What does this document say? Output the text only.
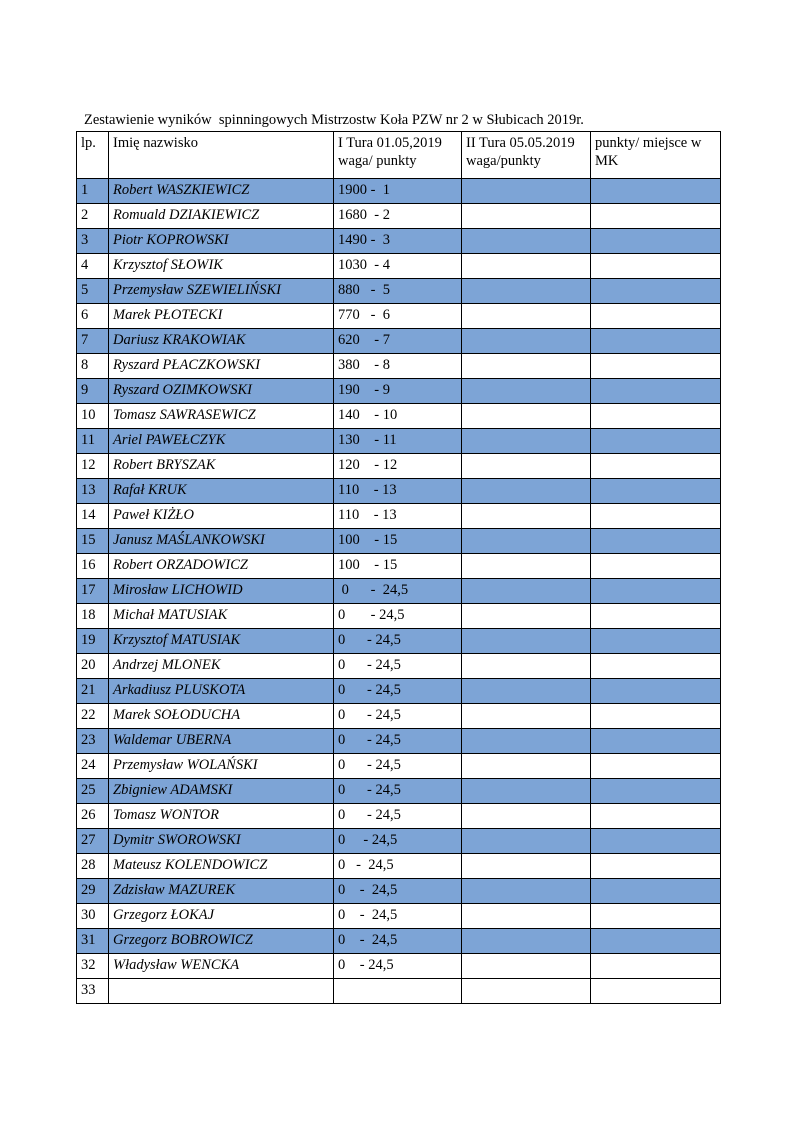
Zestawienie wyników  spinningowych Mistrzostw Koła PZW nr 2 w Słubicach 2019r.
lp.	Imię nazwisko	I Tura 01.05,2019 waga/ punkty	II Tura 05.05.2019 waga/punkty	punkty/ miejsce w MK
1	Robert WASZKIEWICZ	1900 -  1		
2	Romuald DZIAKIEWICZ	1680  - 2		
3	Piotr KOPROWSKI	1490 -  3		
4	Krzysztof SŁOWIK	1030  - 4		
5	Przemysław SZEWIELIŃSKI	880   -  5		
6	Marek PŁOTECKI	770   -  6		
7	Dariusz KRAKOWIAK	620    - 7		
8	Ryszard PŁACZKOWSKI	380    - 8		
9	Ryszard OZIMKOWSKI	190    - 9		
10	Tomasz SAWRASEWICZ	140    - 10		
11	Ariel PAWEŁCZYK	130    - 11		
12	Robert BRYSZAK	120    - 12		
13	Rafał KRUK	110    - 13		
14	Paweł KIŻŁO	110    - 13		
15	Janusz MAŚLANKOWSKI	100    - 15		
16	Robert ORZADOWICZ	100    - 15		
17	Mirosław LICHOWID	0      -  24,5		
18	Michał MATUSIAK	0       - 24,5		
19	Krzysztof MATUSIAK	0      - 24,5		
20	Andrzej MLONEK	0      - 24,5		
21	Arkadiusz PLUSKOTA	0      - 24,5		
22	Marek SOŁODUCHA	0      - 24,5		
23	Waldemar UBERNA	0      - 24,5		
24	Przemysław WOLAŃSKI	0      - 24,5		
25	Zbigniew ADAMSKI	0      - 24,5		
26	Tomasz WONTOR	0      - 24,5		
27	Dymitr SWOROWSKI	0     - 24,5		
28	Mateusz KOLENDOWICZ	0   -  24,5		
29	Zdzisław MAZUREK	0    -  24,5		
30	Grzegorz ŁOKAJ	0    -  24,5		
31	Grzegorz BOBROWICZ	0    -  24,5		
32	Władysław WENCKA	0    - 24,5		
33				
